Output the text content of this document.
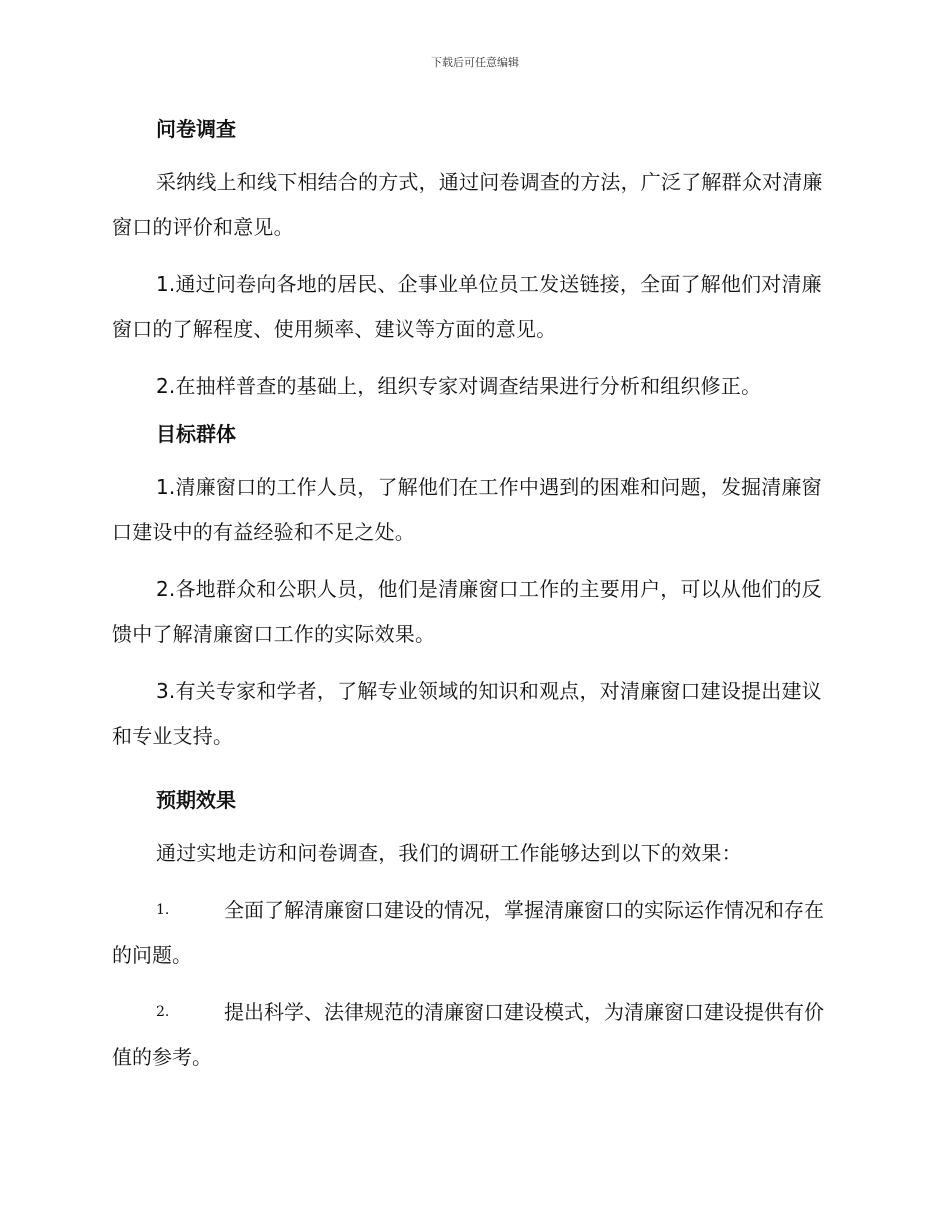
下载后可任意编辑
问卷调查

采纳线上和线下相结合的方式，通过问卷调查的方法，广泛了解群众对清廉窗口的评价和意见。

1.通过问卷向各地的居民、企事业单位员工发送链接，全面了解他们对清廉窗口的了解程度、使用频率、建议等方面的意见。

2.在抽样普查的基础上，组织专家对调查结果进行分析和组织修正。

目标群体

1.清廉窗口的工作人员，了解他们在工作中遇到的困难和问题，发掘清廉窗口建设中的有益经验和不足之处。

2.各地群众和公职人员，他们是清廉窗口工作的主要用户，可以从他们的反馈中了解清廉窗口工作的实际效果。

3.有关专家和学者，了解专业领域的知识和观点，对清廉窗口建设提出建议和专业支持。

预期效果

通过实地走访和问卷调查，我们的调研工作能够达到以下的效果：

1.	全面了解清廉窗口建设的情况，掌握清廉窗口的实际运作情况和存在的问题。
2.	提出科学、法律规范的清廉窗口建设模式，为清廉窗口建设提供有价值的参考。
